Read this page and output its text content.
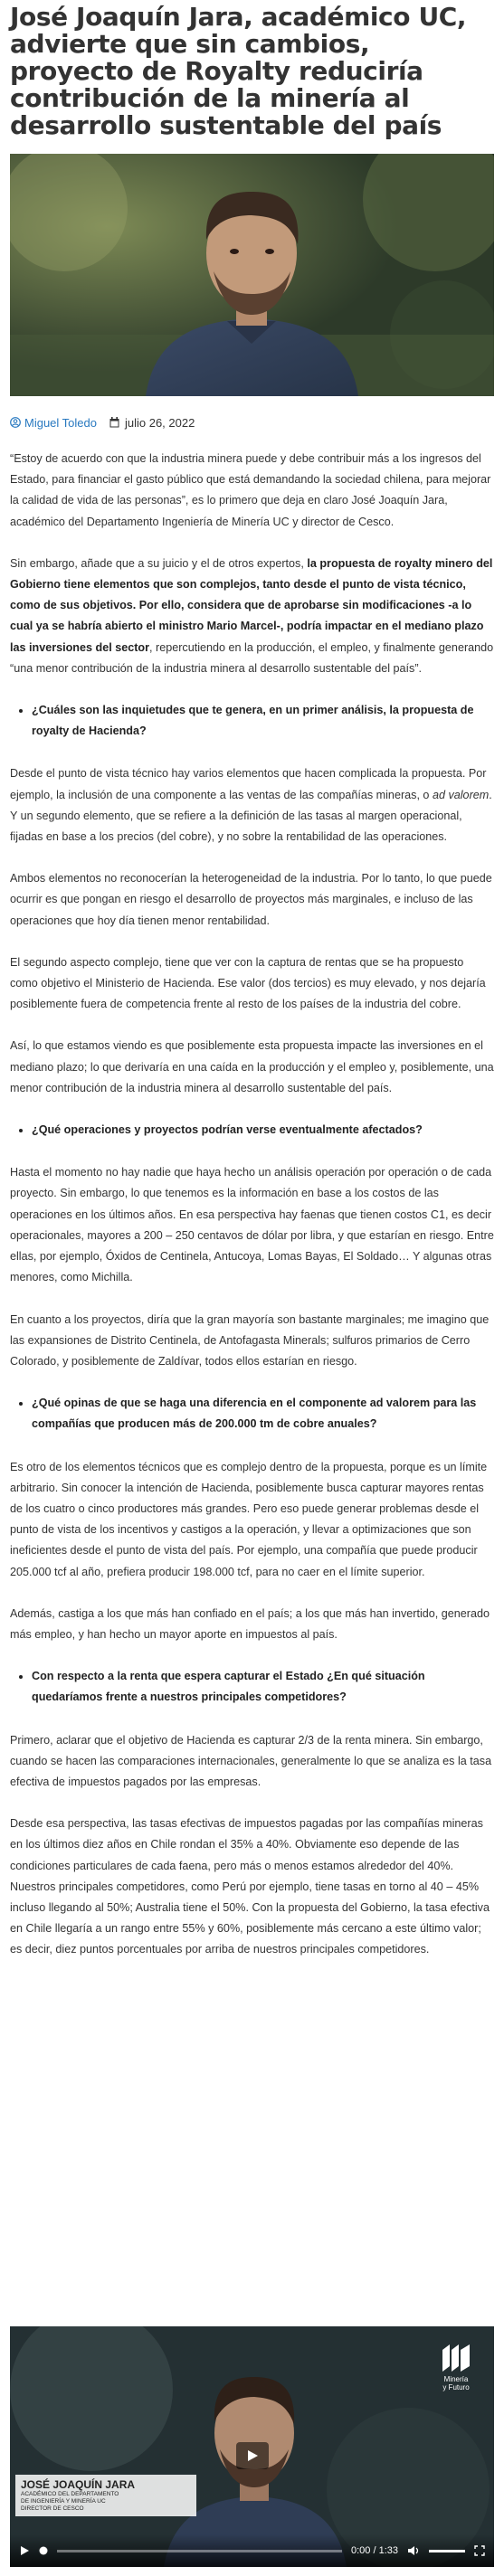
José Joaquín Jara, académico UC, advierte que sin cambios, proyecto de Royalty reduciría contribución de la minería al desarrollo sustentable del país
Miguel Toledo julio 26, 2022

“Estoy de acuerdo con que la industria minera puede y debe contribuir más a los ingresos del Estado, para financiar el gasto público que está demandando la sociedad chilena, para mejorar la calidad de vida de las personas”, es lo primero que deja en claro José Joaquín Jara, académico del Departamento Ingeniería de Minería UC y director de Cesco.

Sin embargo, añade que a su juicio y el de otros expertos, la propuesta de royalty minero del Gobierno tiene elementos que son complejos, tanto desde el punto de vista técnico, como de sus objetivos. Por ello, considera que de aprobarse sin modificaciones -a lo cual ya se habría abierto el ministro Mario Marcel-, podría impactar en el mediano plazo las inversiones del sector, repercutiendo en la producción, el empleo, y finalmente generando “una menor contribución de la industria minera al desarrollo sustentable del país”.

• ¿Cuáles son las inquietudes que te genera, en un primer análisis, la propuesta de royalty de Hacienda?

Desde el punto de vista técnico hay varios elementos que hacen complicada la propuesta. Por ejemplo, la inclusión de una componente a las ventas de las compañías mineras, o ad valorem. Y un segundo elemento, que se refiere a la definición de las tasas al margen operacional, fijadas en base a los precios (del cobre), y no sobre la rentabilidad de las operaciones.

Ambos elementos no reconocerían la heterogeneidad de la industria. Por lo tanto, lo que puede ocurrir es que pongan en riesgo el desarrollo de proyectos más marginales, e incluso de las operaciones que hoy día tienen menor rentabilidad.

El segundo aspecto complejo, tiene que ver con la captura de rentas que se ha propuesto como objetivo el Ministerio de Hacienda. Ese valor (dos tercios) es muy elevado, y nos dejaría posiblemente fuera de competencia frente al resto de los países de la industria del cobre.

Así, lo que estamos viendo es que posiblemente esta propuesta impacte las inversiones en el mediano plazo; lo que derivaría en una caída en la producción y el empleo y, posiblemente, una menor contribución de la industria minera al desarrollo sustentable del país.

• ¿Qué operaciones y proyectos podrían verse eventualmente afectados?

Hasta el momento no hay nadie que haya hecho un análisis operación por operación o de cada proyecto. Sin embargo, lo que tenemos es la información en base a los costos de las operaciones en los últimos años. En esa perspectiva hay faenas que tienen costos C1, es decir operacionales, mayores a 200 – 250 centavos de dólar por libra, y que estarían en riesgo. Entre ellas, por ejemplo, Óxidos de Centinela, Antucoya, Lomas Bayas, El Soldado… Y algunas otras menores, como Michilla.

En cuanto a los proyectos, diría que la gran mayoría son bastante marginales; me imagino que las expansiones de Distrito Centinela, de Antofagasta Minerals; sulfuros primarios de Cerro Colorado, y posiblemente de Zaldívar, todos ellos estarían en riesgo.

• ¿Qué opinas de que se haga una diferencia en el componente ad valorem para las compañías que producen más de 200.000 tm de cobre anuales?

Es otro de los elementos técnicos que es complejo dentro de la propuesta, porque es un límite arbitrario. Sin conocer la intención de Hacienda, posiblemente busca capturar mayores rentas de los cuatro o cinco productores más grandes. Pero eso puede generar problemas desde el punto de vista de los incentivos y castigos a la operación, y llevar a optimizaciones que son ineficientes desde el punto de vista del país. Por ejemplo, una compañía que puede producir 205.000 tcf al año, prefiera producir 198.000 tcf, para no caer en el límite superior.

Además, castiga a los que más han confiado en el país; a los que más han invertido, generado más empleo, y han hecho un mayor aporte en impuestos al país.

• Con respecto a la renta que espera capturar el Estado ¿En qué situación quedaríamos frente a nuestros principales competidores?

Primero, aclarar que el objetivo de Hacienda es capturar 2/3 de la renta minera. Sin embargo, cuando se hacen las comparaciones internacionales, generalmente lo que se analiza es la tasa efectiva de impuestos pagados por las empresas.

Desde esa perspectiva, las tasas efectivas de impuestos pagadas por las compañías mineras en los últimos diez años en Chile rondan el 35% a 40%. Obviamente eso depende de las condiciones particulares de cada faena, pero más o menos estamos alrededor del 40%. Nuestros principales competidores, como Perú por ejemplo, tiene tasas en torno al 40 – 45% incluso llegando al 50%; Australia tiene el 50%. Con la propuesta del Gobierno, la tasa efectiva en Chile llegaría a un rango entre 55% y 60%, posiblemente más cercano a este último valor; es decir, diez puntos porcentuales por arriba de nuestros principales competidores.

Minería
y Futuro
JOSÉ JOAQUÍN JARA
ACADÉMICO DEL DEPARTAMENTO
DE INGENIERÍA Y MINERÍA UC
DIRECTOR DE CESCO
0:00 / 1:33
